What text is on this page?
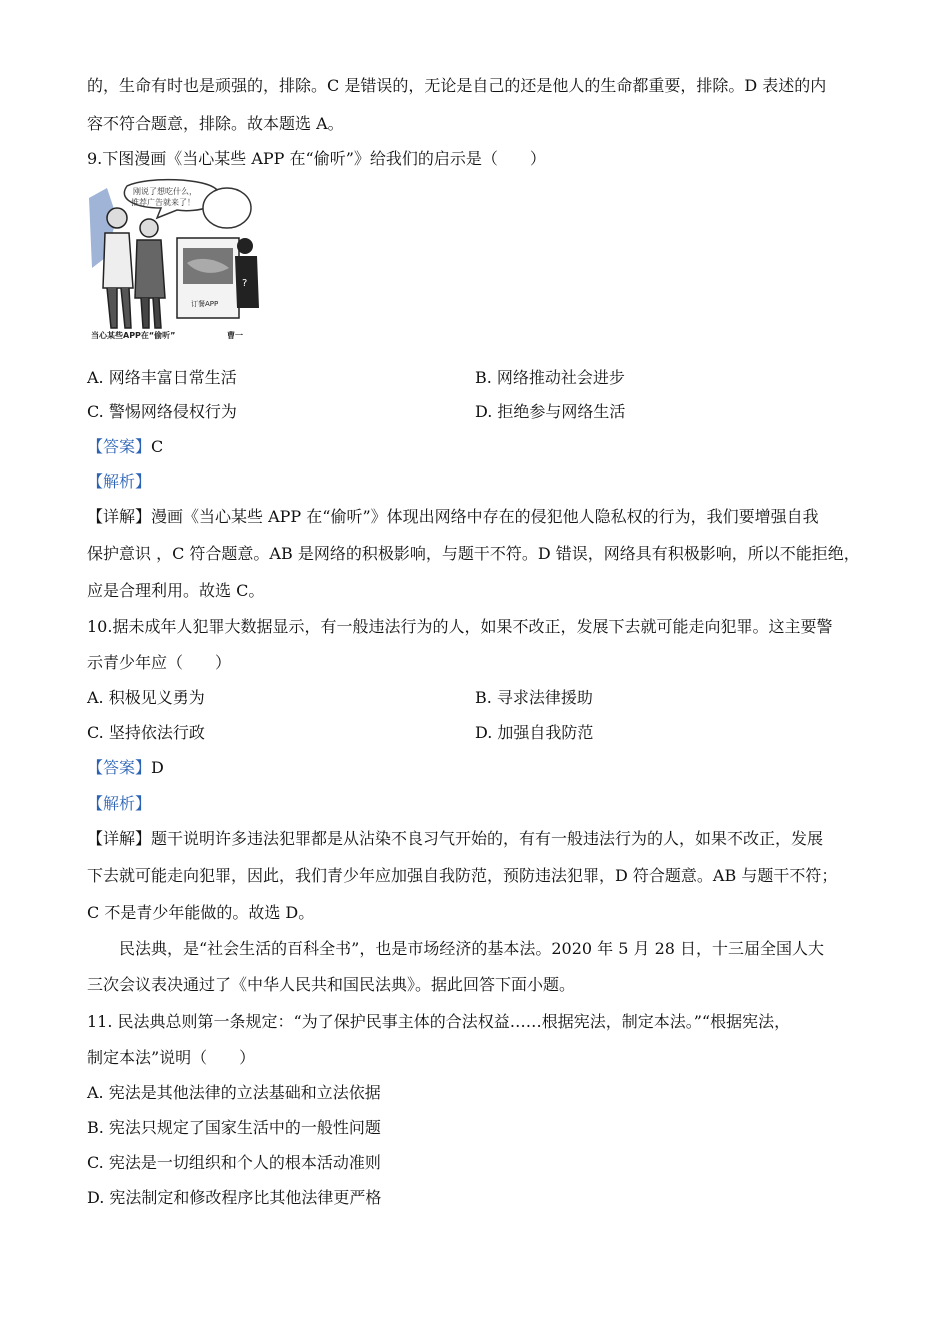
的，生命有时也是顽强的，排除。C 是错误的，无论是自己的还是他人的生命都重要，排除。D 表述的内
容不符合题意，排除。故本题选 A。
9.下图漫画《当心某些 APP 在“偷听”》给我们的启示是（　　）
刚说了想吃什么，
推荐广告就来了！
订餐APP
?
当心某些APP在“偷听”	曹一
A. 网络丰富日常生活	B. 网络推动社会进步
C. 警惕网络侵权行为	D. 拒绝参与网络生活
【答案】C
【解析】
【详解】漫画《当心某些 APP 在“偷听”》体现出网络中存在的侵犯他人隐私权的行为，我们要增强自我
保护意识 ，C 符合题意。AB 是网络的积极影响，与题干不符。D 错误，网络具有积极影响，所以不能拒绝，
应是合理利用。故选 C。
10.据未成年人犯罪大数据显示，有一般违法行为的人，如果不改正，发展下去就可能走向犯罪。这主要警
示青少年应（　　）
A. 积极见义勇为	B. 寻求法律援助
C. 坚持依法行政	D. 加强自我防范
【答案】D
【解析】
【详解】题干说明许多违法犯罪都是从沾染不良习气开始的，有有一般违法行为的人，如果不改正，发展
下去就可能走向犯罪，因此，我们青少年应加强自我防范，预防违法犯罪，D 符合题意。AB 与题干不符；
C 不是青少年能做的。故选 D。
民法典，是“社会生活的百科全书”，也是市场经济的基本法。2020 年 5 月 28 日，十三届全国人大
三次会议表决通过了《中华人民共和国民法典》。据此回答下面小题。
11. 民法典总则第一条规定：“为了保护民事主体的合法权益……根据宪法，制定本法。”“根据宪法，
制定本法”说明（　　）
A. 宪法是其他法律的立法基础和立法依据
B. 宪法只规定了国家生活中的一般性问题
C. 宪法是一切组织和个人的根本活动准则
D. 宪法制定和修改程序比其他法律更严格
